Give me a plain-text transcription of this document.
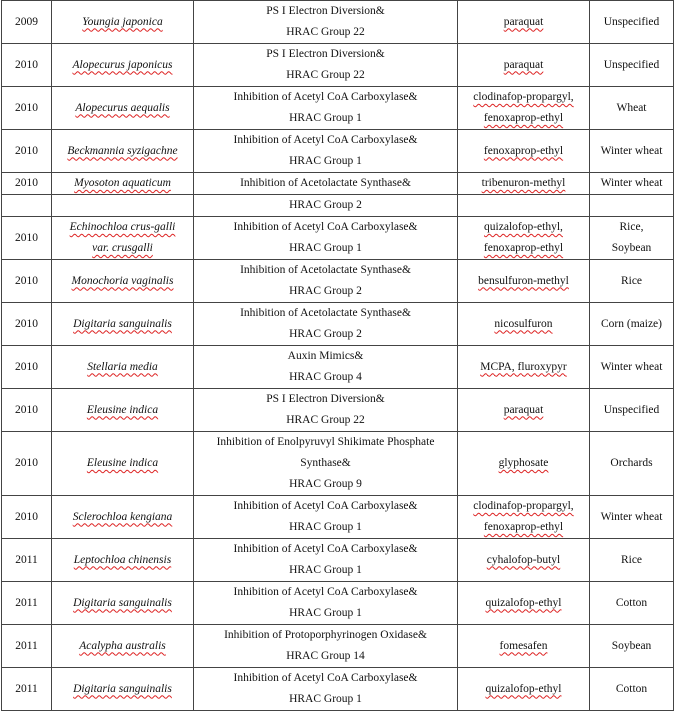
2009	Youngia japonica	PS I Electron Diversion&
HRAC Group 22	paraquat	Unspecified

2010	Alopecurus japonicus	PS I Electron Diversion&
HRAC Group 22	paraquat	Unspecified

2010	Alopecurus aequalis	Inhibition of Acetyl CoA Carboxylase&
HRAC Group 1	clodinafop-propargyl,
fenoxaprop-ethyl	Wheat

2010	Beckmannia syzigachne	Inhibition of Acetyl CoA Carboxylase&
HRAC Group 1	fenoxaprop-ethyl	Winter wheat

2010	Myosoton aquaticum	Inhibition of Acetolactate Synthase&	tribenuron-methyl	Winter wheat

		HRAC Group 2		

2010	Echinochloa crus-galli
var. crusgalli	Inhibition of Acetyl CoA Carboxylase&
HRAC Group 1	quizalofop-ethyl,
fenoxaprop-ethyl	Rice,
Soybean

2010	Monochoria vaginalis	Inhibition of Acetolactate Synthase&
HRAC Group 2	bensulfuron-methyl	Rice

2010	Digitaria sanguinalis	Inhibition of Acetolactate Synthase&
HRAC Group 2	nicosulfuron	Corn (maize)

2010	Stellaria media	Auxin Mimics&
HRAC Group 4	MCPA, fluroxypyr	Winter wheat

2010	Eleusine indica	PS I Electron Diversion&
HRAC Group 22	paraquat	Unspecified

2010	Eleusine indica	Inhibition of Enolpyruvyl Shikimate Phosphate
Synthase&
HRAC Group 9	glyphosate	Orchards

2010	Sclerochloa kengiana	Inhibition of Acetyl CoA Carboxylase&
HRAC Group 1	clodinafop-propargyl,
fenoxaprop-ethyl	Winter wheat

2011	Leptochloa chinensis	Inhibition of Acetyl CoA Carboxylase&
HRAC Group 1	cyhalofop-butyl	Rice

2011	Digitaria sanguinalis	Inhibition of Acetyl CoA Carboxylase&
HRAC Group 1	quizalofop-ethyl	Cotton

2011	Acalypha australis	Inhibition of Protoporphyrinogen Oxidase&
HRAC Group 14	fomesafen	Soybean

2011	Digitaria sanguinalis	Inhibition of Acetyl CoA Carboxylase&
HRAC Group 1	quizalofop-ethyl	Cotton
